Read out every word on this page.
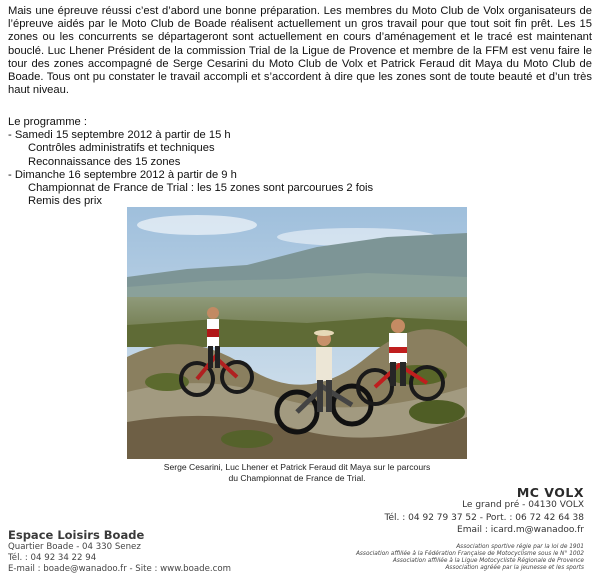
Mais une épreuve réussi c’est d’abord une bonne préparation. Les membres du Moto Club de Volx organisateurs de l’épreuve aidés par le Moto Club de Boade réalisent actuellement un gros travail pour que tout soit fin prêt. Les 15 zones ou les concurrents se départageront sont actuellement en cours d’aménagement et le tracé est maintenant bouclé. Luc Lhener Président de la commission Trial de la Ligue de Provence et membre de la FFM est venu faire le tour des zones accompagné de Serge Cesarini du Moto Club de Volx et Patrick Feraud dit Maya du Moto Club de Boade. Tous ont pu constater le travail accompli et s’accordent à dire que les zones sont de toute beauté et d’un très haut niveau.

Le programme :
- Samedi 15 septembre 2012 à partir de 15 h
Contrôles administratifs et techniques
Reconnaissance des 15 zones
- Dimanche 16 septembre 2012 à partir de 9 h
Championnat de France de Trial : les 15 zones sont parcourues 2 fois
Remis des prix
Serge Cesarini, Luc Lhener et Patrick Feraud dit Maya sur le parcours
du Championnat de France de Trial.
MC VOLX
Le grand pré - 04130 VOLX
Tél. : 04 92 79 37 52 - Port. : 06 72 42 64 38
Email : icard.m@wanadoo.fr
Association sportive régie par la loi de 1901
Association affiliée à la Fédération Française de Motocyclisme sous le N° 1002
Association affiliée à la Ligue Motocycliste Régionale de Provence
Association agréée par la jeunesse et les sports
Espace Loisirs Boade
Quartier Boade - 04 330 Senez
Tél. : 04 92 34 22 94
E-mail : boade@wanadoo.fr - Site : www.boade.com
